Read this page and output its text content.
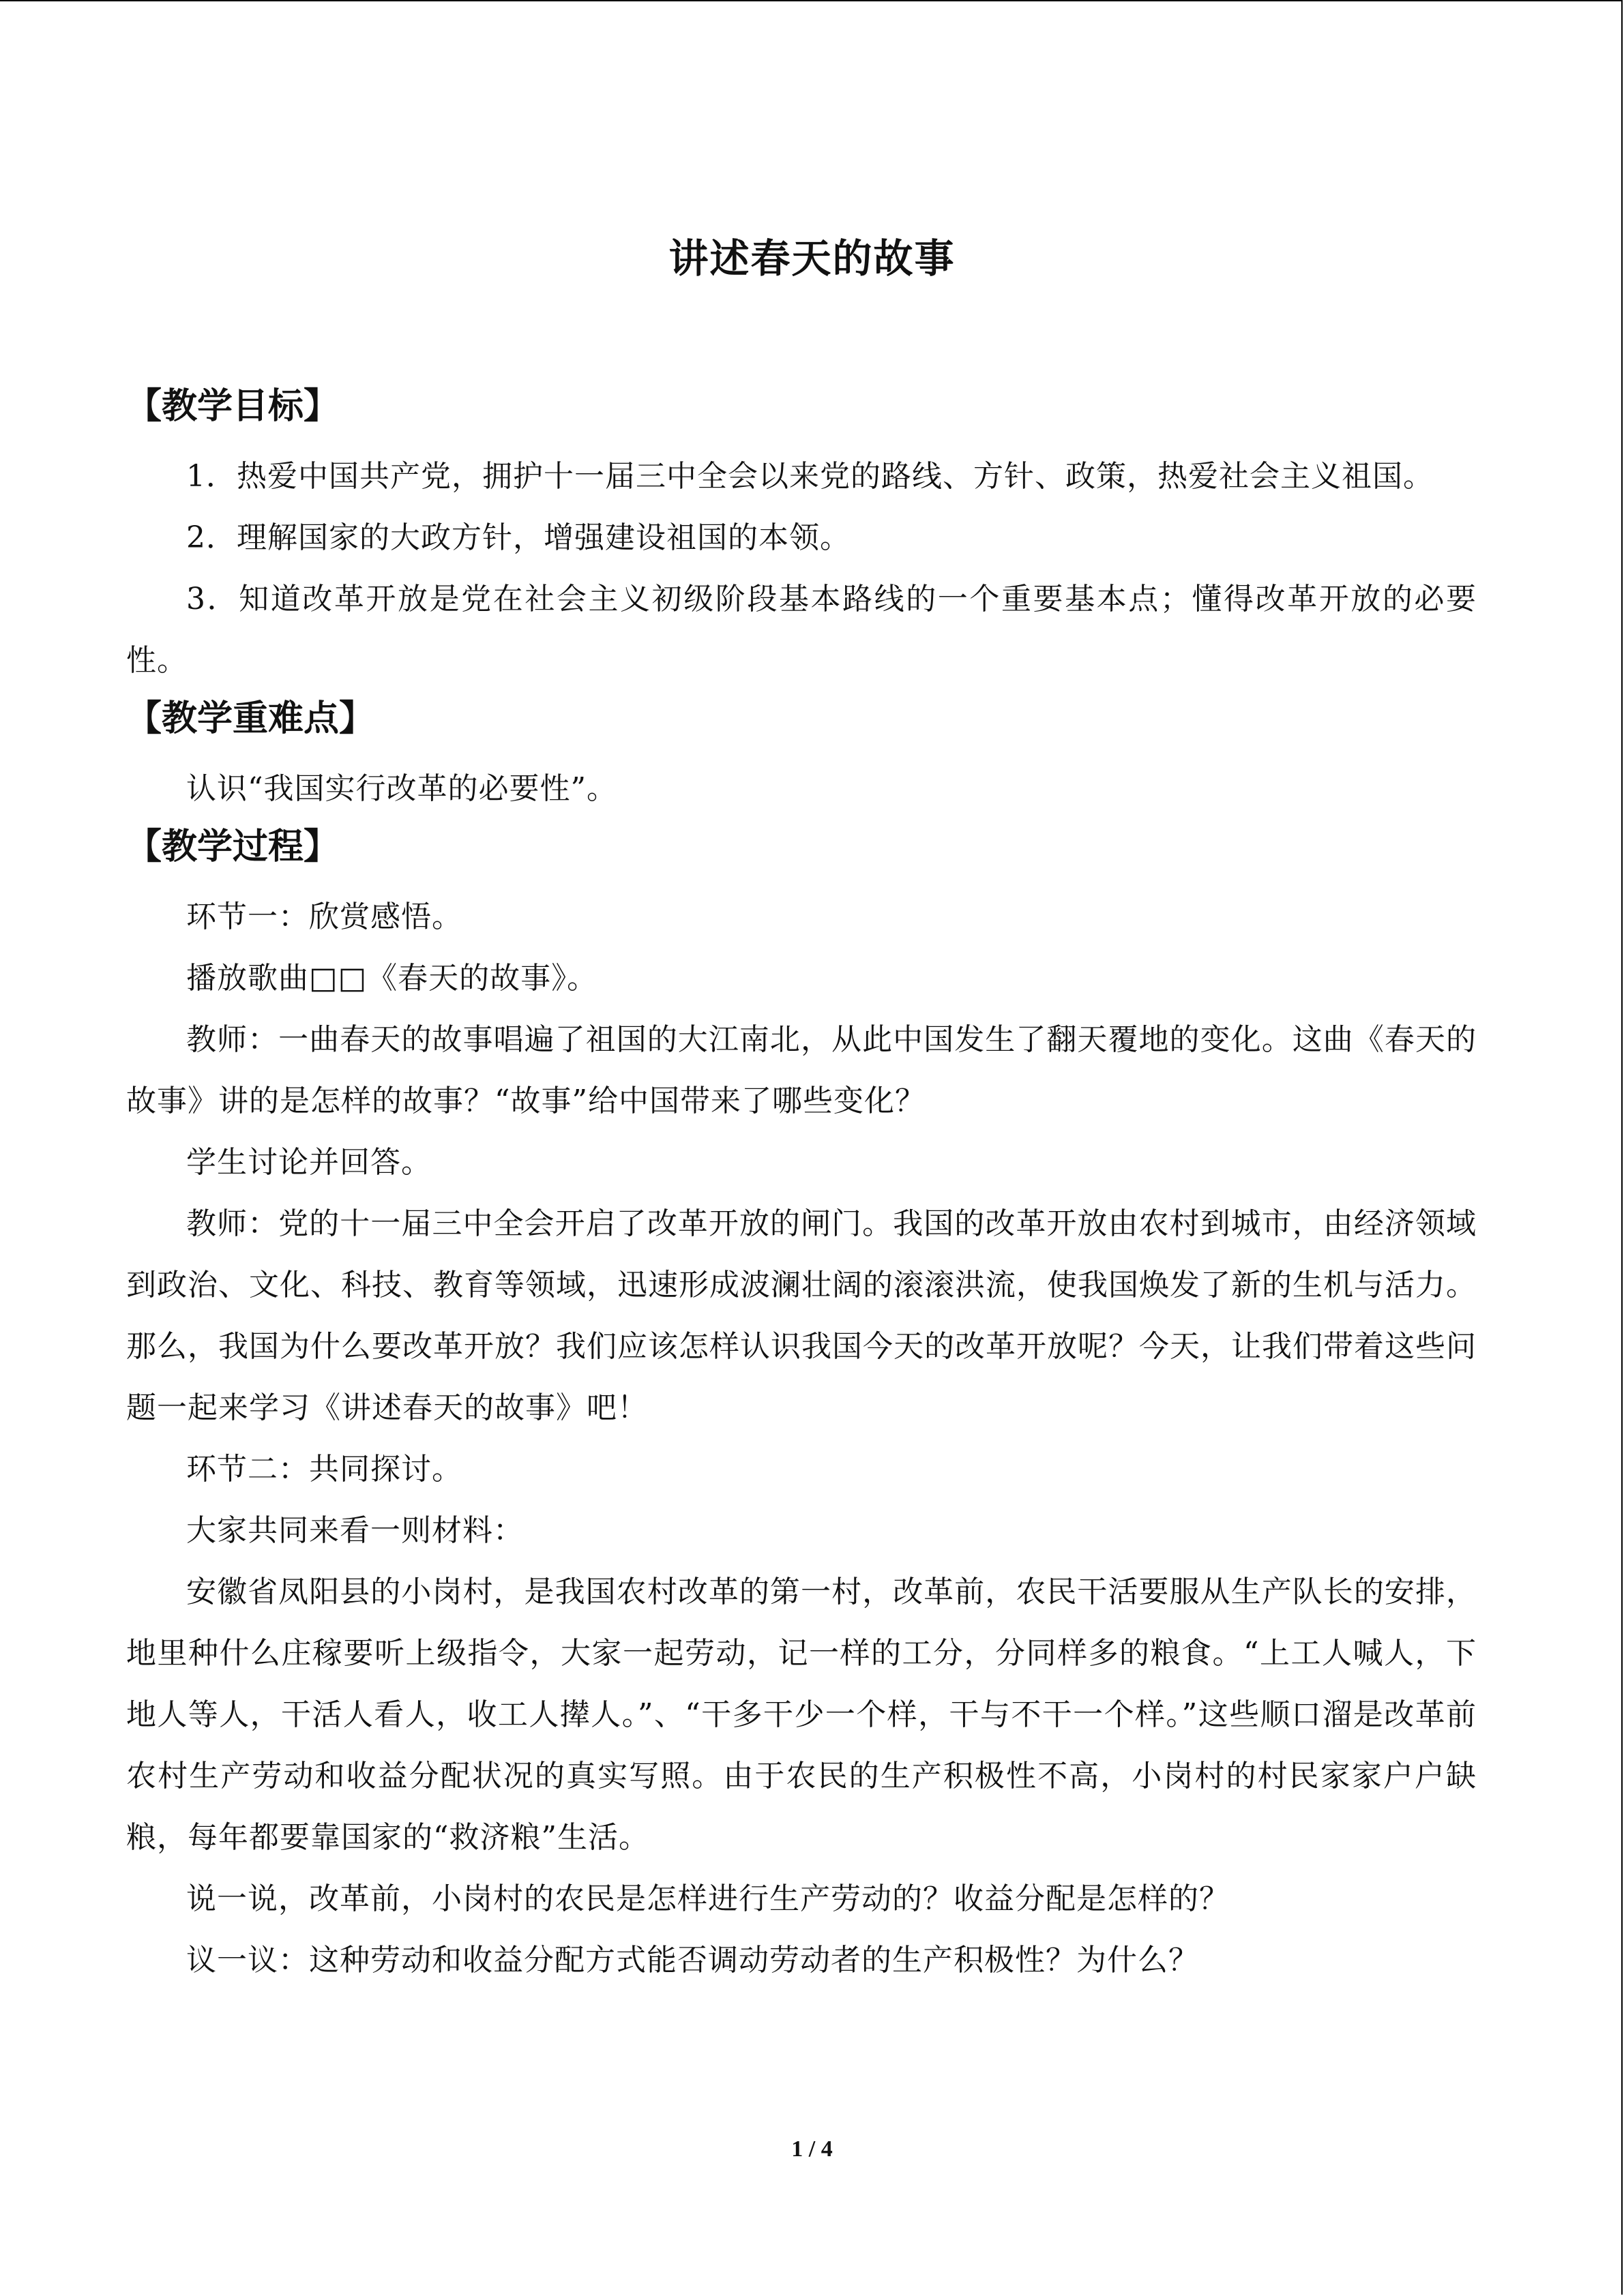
讲述春天的故事
【教学目标】

1．热爱中国共产党，拥护十一届三中全会以来党的路线、方针、政策，热爱社会主义祖国。

2．理解国家的大政方针，增强建设祖国的本领。

3．知道改革开放是党在社会主义初级阶段基本路线的一个重要基本点；懂得改革开放的必要性。

【教学重难点】

认识“我国实行改革的必要性”。

【教学过程】

环节一：欣赏感悟。

播放歌曲□□《春天的故事》。

教师：一曲春天的故事唱遍了祖国的大江南北，从此中国发生了翻天覆地的变化。这曲《春天的故事》讲的是怎样的故事？“故事”给中国带来了哪些变化？

学生讨论并回答。

教师：党的十一届三中全会开启了改革开放的闸门。我国的改革开放由农村到城市，由经济领域到政治、文化、科技、教育等领域，迅速形成波澜壮阔的滚滚洪流，使我国焕发了新的生机与活力。那么，我国为什么要改革开放？我们应该怎样认识我国今天的改革开放呢？今天，让我们带着这些问题一起来学习《讲述春天的故事》吧！

环节二：共同探讨。

大家共同来看一则材料：

安徽省凤阳县的小岗村，是我国农村改革的第一村，改革前，农民干活要服从生产队长的安排，地里种什么庄稼要听上级指令，大家一起劳动，记一样的工分，分同样多的粮食。“上工人喊人，下地人等人，干活人看人，收工人撵人。”、“干多干少一个样，干与不干一个样。”这些顺口溜是改革前农村生产劳动和收益分配状况的真实写照。由于农民的生产积极性不高，小岗村的村民家家户户缺粮，每年都要靠国家的“救济粮”生活。

说一说，改革前，小岗村的农民是怎样进行生产劳动的？收益分配是怎样的？

议一议：这种劳动和收益分配方式能否调动劳动者的生产积极性？为什么？

1 / 4
